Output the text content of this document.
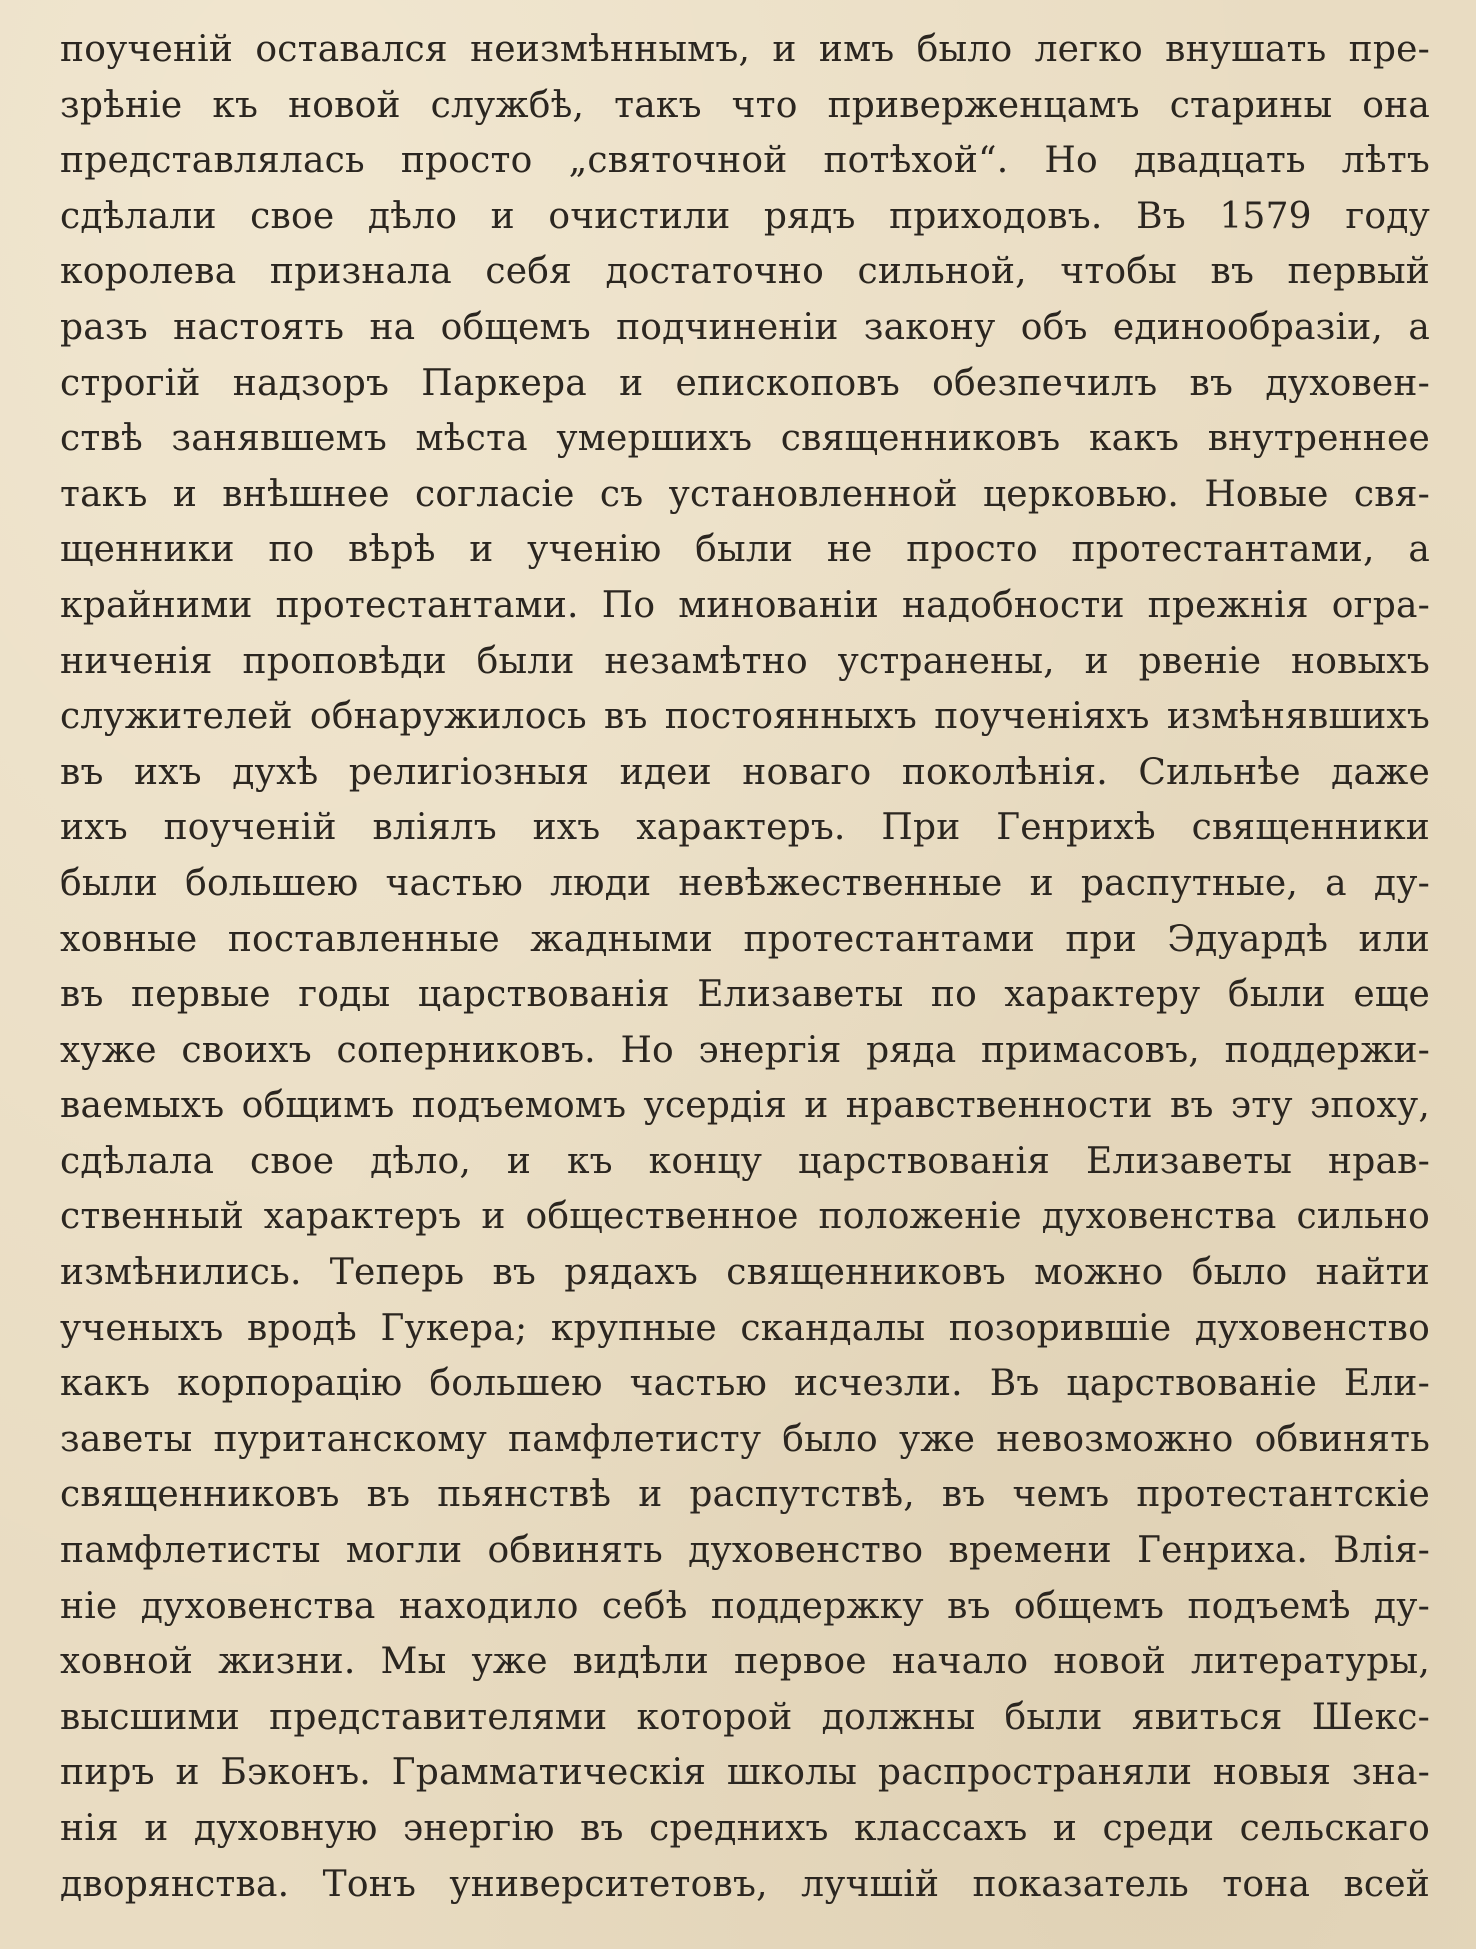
поученій оставался неизмѣннымъ, и имъ было легко внушать пре-
зрѣніе къ новой службѣ, такъ что приверженцамъ старины она
представлялась просто „святочной потѣхой“. Но двадцать лѣтъ
сдѣлали свое дѣло и очистили рядъ приходовъ. Въ 1579 году
королева признала себя достаточно сильной, чтобы въ первый
разъ настоять на общемъ подчиненіи закону объ единообразіи, а
строгій надзоръ Паркера и епископовъ обезпечилъ въ духовен-
ствѣ занявшемъ мѣста умершихъ священниковъ какъ внутреннее
такъ и внѣшнее согласіе съ установленной церковью. Новые свя-
щенники по вѣрѣ и ученію были не просто протестантами, а
крайними протестантами. По минованіи надобности прежнія огра-
ниченія проповѣди были незамѣтно устранены, и рвеніе новыхъ
служителей обнаружилось въ постоянныхъ поученіяхъ измѣнявшихъ
въ ихъ духѣ религіозныя идеи новаго поколѣнія. Сильнѣе даже
ихъ поученій вліялъ ихъ характеръ. При Генрихѣ священники
были большею частью люди невѣжественные и распутные, а ду-
ховные поставленные жадными протестантами при Эдуардѣ или
въ первые годы царствованія Елизаветы по характеру были еще
хуже своихъ соперниковъ. Но энергія ряда примасовъ, поддержи-
ваемыхъ общимъ подъемомъ усердія и нравственности въ эту эпоху,
сдѣлала свое дѣло, и къ концу царствованія Елизаветы нрав-
ственный характеръ и общественное положеніе духовенства сильно
измѣнились. Теперь въ рядахъ священниковъ можно было найти
ученыхъ вродѣ Гукера; крупные скандалы позорившіе духовенство
какъ корпорацію большею частью исчезли. Въ царствованіе Ели-
заветы пуританскому памфлетисту было уже невозможно обвинять
священниковъ въ пьянствѣ и распутствѣ, въ чемъ протестантскіе
памфлетисты могли обвинять духовенство времени Генриха. Влія-
ніе духовенства находило себѣ поддержку въ общемъ подъемѣ ду-
ховной жизни. Мы уже видѣли первое начало новой литературы,
высшими представителями которой должны были явиться Шекс-
пиръ и Бэконъ. Грамматическія школы распространяли новыя зна-
нія и духовную энергію въ среднихъ классахъ и среди сельскаго
дворянства. Тонъ университетовъ, лучшій показатель тона всей
